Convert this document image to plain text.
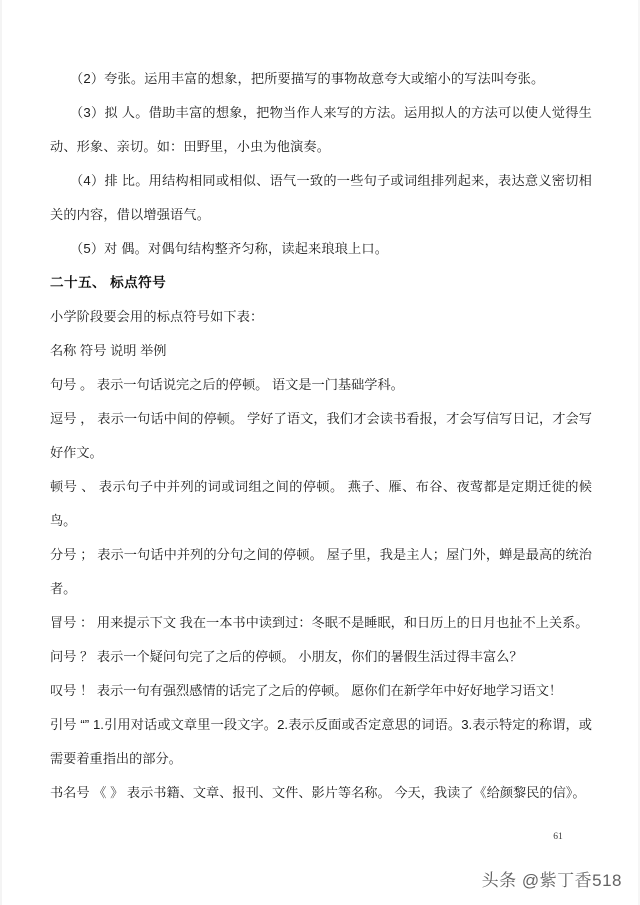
（2）夸张。运用丰富的想象，把所要描写的事物故意夸大或缩小的写法叫夸张。

（3）拟 人。借助丰富的想象，把物当作人来写的方法。运用拟人的方法可以使人觉得生动、形象、亲切。如：田野里，小虫为他演奏。

（4）排 比。用结构相同或相似、语气一致的一些句子或词组排列起来，表达意义密切相关的内容，借以增强语气。

（5）对 偶。对偶句结构整齐匀称，读起来琅琅上口。

二十五、 标点符号

小学阶段要会用的标点符号如下表：

名称 符号 说明 举例

句号 。 表示一句话说完之后的停顿。 语文是一门基础学科。

逗号 ， 表示一句话中间的停顿。 学好了语文，我们才会读书看报，才会写信写日记，才会写好作文。

顿号 、 表示句子中并列的词或词组之间的停顿。 燕子、雁、布谷、夜莺都是定期迁徙的候鸟。

分号 ； 表示一句话中并列的分句之间的停顿。 屋子里，我是主人；屋门外，蝉是最高的统治者。

冒号 ： 用来提示下文 我在一本书中读到过：冬眠不是睡眠，和日历上的日月也扯不上关系。

问号 ？ 表示一个疑问句完了之后的停顿。 小朋友，你们的暑假生活过得丰富么？

叹号 ！ 表示一句有强烈感情的话完了之后的停顿。 愿你们在新学年中好好地学习语文！

引号 “” 1.引用对话或文章里一段文字。2.表示反面或否定意思的词语。3.表示特定的称谓，或需要着重指出的部分。

书名号 《 》 表示书籍、文章、报刊、文件、影片等名称。 今天，我读了《给颜黎民的信》。

61
头条 @紫丁香518
